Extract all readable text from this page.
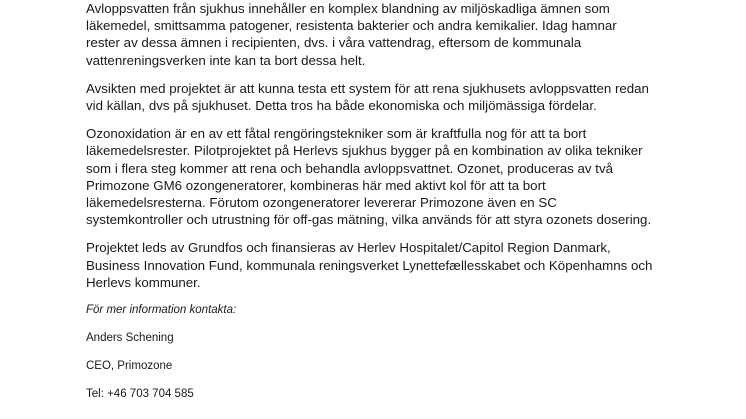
Avloppsvatten från sjukhus innehåller en komplex blandning av miljöskadliga ämnen som
läkemedel, smittsamma patogener, resistenta bakterier och andra kemikalier. Idag hamnar
rester av dessa ämnen i recipienten, dvs. i våra vattendrag, eftersom de kommunala
vattenreningsverken inte kan ta bort dessa helt.
Avsikten med projektet är att kunna testa ett system för att rena sjukhusets avloppsvatten redan
vid källan, dvs på sjukhuset. Detta tros ha både ekonomiska och miljömässiga fördelar.
Ozonoxidation är en av ett fåtal rengöringstekniker som är kraftfulla nog för att ta bort
läkemedelsrester. Pilotprojektet på Herlevs sjukhus bygger på en kombination av olika tekniker
som i flera steg kommer att rena och behandla avloppsvattnet. Ozonet, produceras av två
Primozone GM6 ozongeneratorer, kombineras här med aktivt kol för att ta bort
läkemedelsresterna. Förutom ozongeneratorer levererar Primozone även en SC
systemkontroller och utrustning för off-gas mätning, vilka används för att styra ozonets dosering.
Projektet leds av Grundfos och finansieras av Herlev Hospitalet/Capitol Region Danmark,
Business Innovation Fund, kommunala reningsverket Lynettefællesskabet och Köpenhamns och
Herlevs kommuner.
För mer information kontakta:
Anders Schening
CEO, Primozone
Tel: +46 703 704 585
